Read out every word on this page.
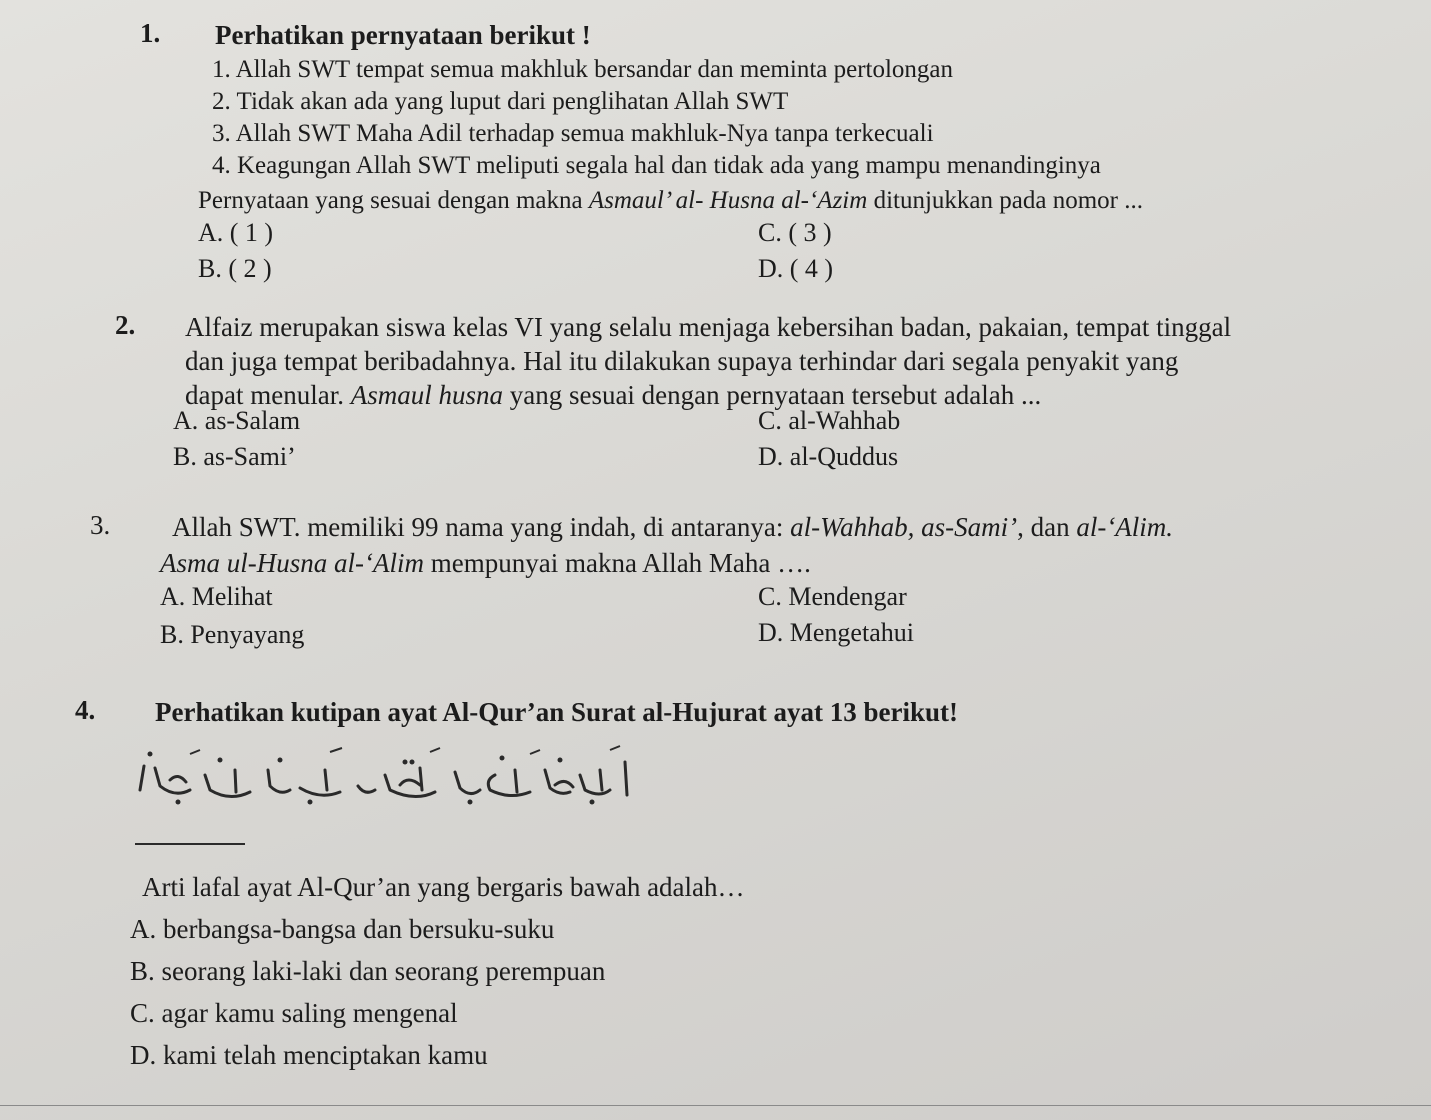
1. Perhatikan pernyataan berikut !
1. Allah SWT tempat semua makhluk bersandar dan meminta pertolongan
2. Tidak akan ada yang luput dari penglihatan Allah SWT
3. Allah SWT Maha Adil terhadap semua makhluk-Nya tanpa terkecuali
4. Keagungan Allah SWT meliputi segala hal dan tidak ada yang mampu menandinginya
Pernyataan yang sesuai dengan makna Asmaul’ al- Husna al-‘Azim ditunjukkan pada nomor ...
A. ( 1 )
B. ( 2 )
C. ( 3 )
D. ( 4 )
2. Alfaiz merupakan siswa kelas VI yang selalu menjaga kebersihan badan, pakaian, tempat tinggal
dan juga tempat beribadahnya. Hal itu dilakukan supaya terhindar dari segala penyakit yang
dapat menular. Asmaul husna yang sesuai dengan pernyataan tersebut adalah ...
A. as-Salam
B. as-Sami’
C. al-Wahhab
D. al-Quddus
3. Allah SWT. memiliki 99 nama yang indah, di antaranya: al-Wahhab, as-Sami’, dan al-‘Alim.
Asma ul-Husna al-‘Alim mempunyai makna Allah Maha ….
A. Melihat
B. Penyayang
C. Mendengar
D. Mengetahui
4. Perhatikan kutipan ayat Al-Qur’an Surat al-Hujurat ayat 13 berikut!
Arti lafal ayat Al-Qur’an yang bergaris bawah adalah…
A. berbangsa-bangsa dan bersuku-suku
B. seorang laki-laki dan seorang perempuan
C. agar kamu saling mengenal
D. kami telah menciptakan kamu
